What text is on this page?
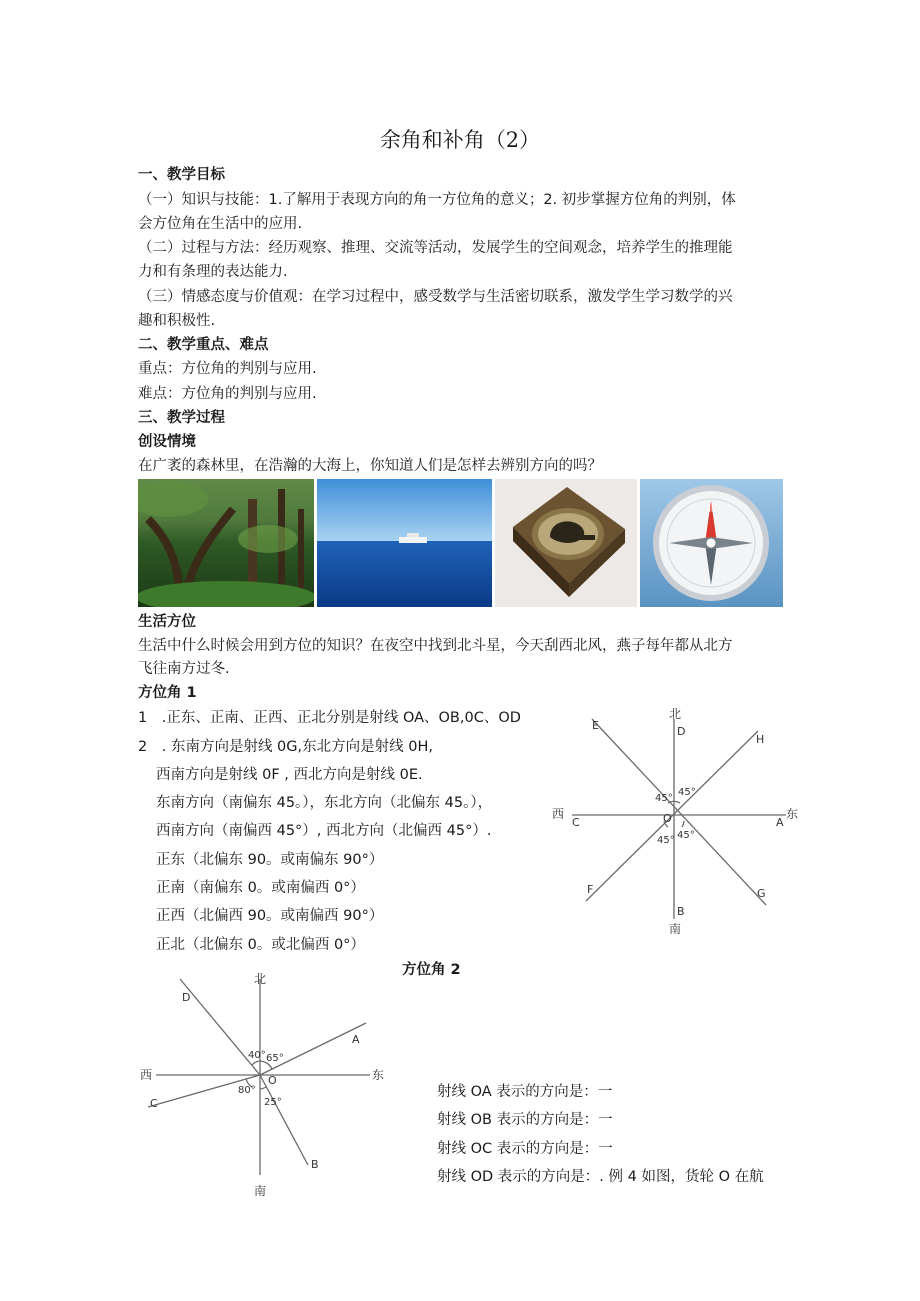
余角和补角（2）
一、教学目标
（一）知识与技能：1.了解用于表现方向的角一方位角的意义；2. 初步掌握方位角的判别，体
会方位角在生活中的应用.
（二）过程与方法：经历观察、推理、交流等活动，发展学生的空间观念，培养学生的推理能
力和有条理的表达能力.
（三）情感态度与价值观：在学习过程中，感受数学与生活密切联系，激发学生学习数学的兴
趣和积极性.
二、教学重点、难点
重点：方位角的判别与应用.
难点：方位角的判别与应用.
三、教学过程
创设情境
在广袤的森林里，在浩瀚的大海上，你知道人们是怎样去辨别方向的吗？
北
生活方位
生活中什么时候会用到方位的知识？在夜空中找到北斗星，今天刮西北风，燕子每年都从北方
飞往南方过冬.
方位角 1
1　.正东、正南、正西、正北分别是射线 OA、OB,0C、OD
2　. 东南方向是射线 0G,东北方向是射线 0H,
西南方向是射线 0F , 西北方向是射线 0E.
东南方向（南偏东 45。），东北方向（北偏东 45。），
西南方向（南偏西 45°）, 西北方向（北偏西 45°）.
正东（北偏东 90。或南偏东 90°）
正南（南偏东 0。或南偏西 0°）
正西（北偏西 90。或南偏西 90°）
正北（北偏东 0。或北偏西 0°）
北
南
东
西
D
B
A
C
E
H
F	G
O
45°
45°
45°
45°
方位角 2
北
南
东
西
D
A
C
B
O
40° 65°
80°
25°
射线 OA 表示的方向是：一
射线 OB 表示的方向是：一
射线 OC 表示的方向是：一
射线 OD 表示的方向是：. 例 4 如图，货轮 O 在航
